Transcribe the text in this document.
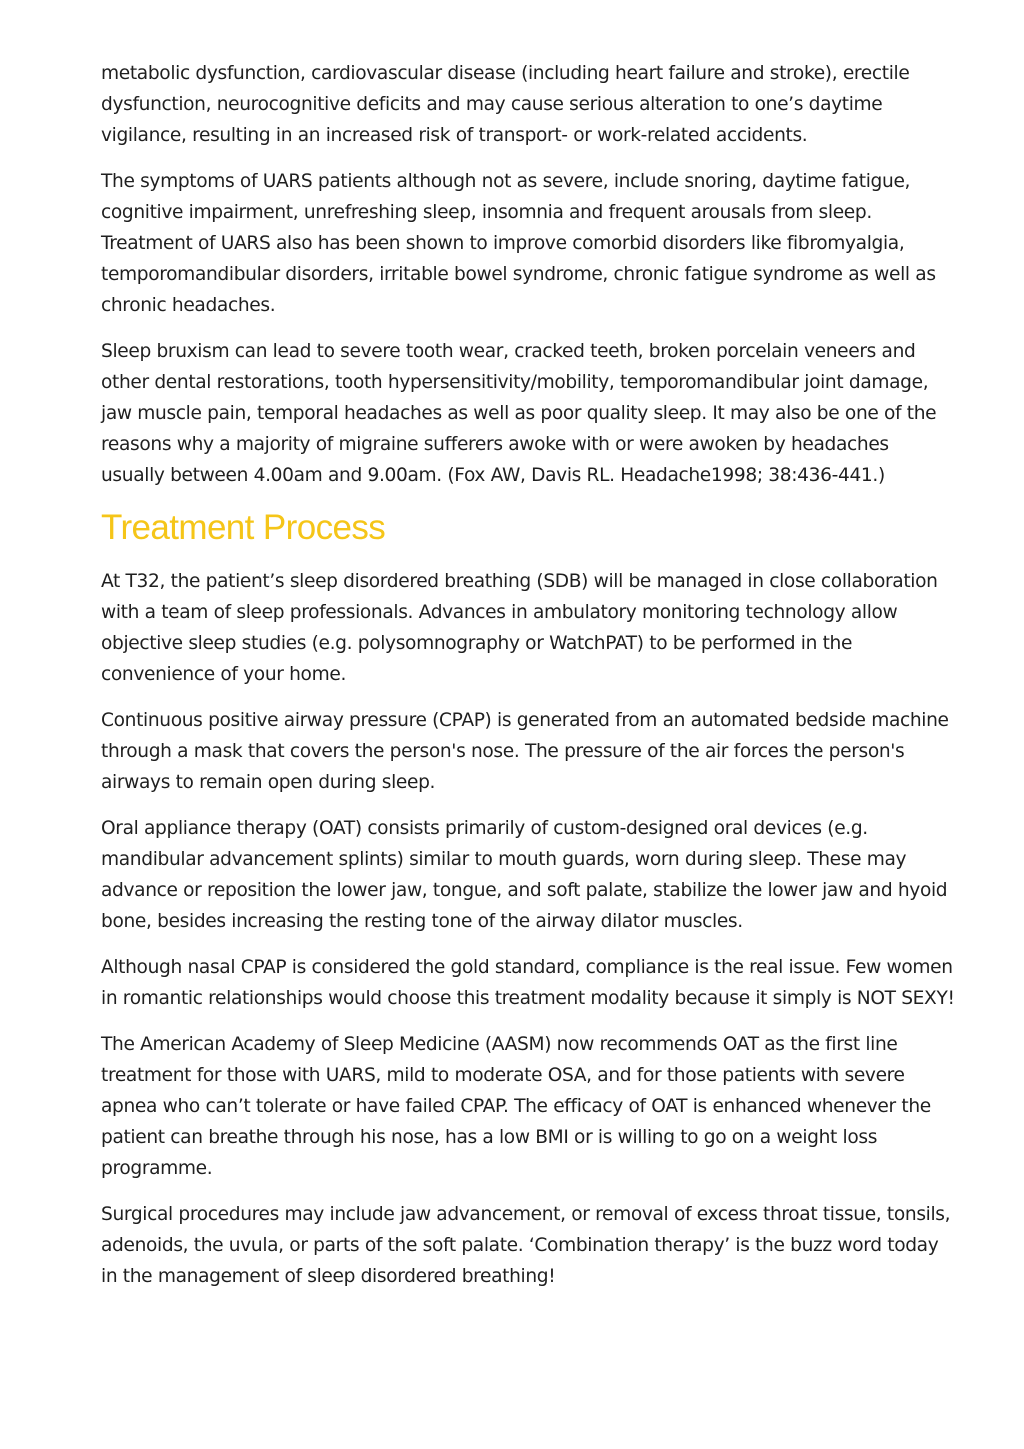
metabolic dysfunction, cardiovascular disease (including heart failure and stroke), erectile dysfunction, neurocognitive deficits and may cause serious alteration to one’s daytime vigilance, resulting in an increased risk of transport- or work-related accidents.

The symptoms of UARS patients although not as severe, include snoring, daytime fatigue, cognitive impairment, unrefreshing sleep, insomnia and frequent arousals from sleep. Treatment of UARS also has been shown to improve comorbid disorders like fibromyalgia, temporomandibular disorders, irritable bowel syndrome, chronic fatigue syndrome as well as chronic headaches.

Sleep bruxism can lead to severe tooth wear, cracked teeth, broken porcelain veneers and other dental restorations, tooth hypersensitivity/mobility, temporomandibular joint damage, jaw muscle pain, temporal headaches as well as poor quality sleep. It may also be one of the reasons why a majority of migraine sufferers awoke with or were awoken by headaches usually between 4.00am and 9.00am. (Fox AW, Davis RL. Headache1998; 38:436-441.)

Treatment Process

At T32, the patient’s sleep disordered breathing (SDB) will be managed in close collaboration with a team of sleep professionals. Advances in ambulatory monitoring technology allow objective sleep studies (e.g. polysomnography or WatchPAT) to be performed in the convenience of your home.

Continuous positive airway pressure (CPAP) is generated from an automated bedside machine through a mask that covers the person's nose. The pressure of the air forces the person's airways to remain open during sleep.

Oral appliance therapy (OAT) consists primarily of custom-designed oral devices (e.g. mandibular advancement splints) similar to mouth guards, worn during sleep. These may advance or reposition the lower jaw, tongue, and soft palate, stabilize the lower jaw and hyoid bone, besides increasing the resting tone of the airway dilator muscles.

Although nasal CPAP is considered the gold standard, compliance is the real issue. Few women in romantic relationships would choose this treatment modality because it simply is NOT SEXY!

The American Academy of Sleep Medicine (AASM) now recommends OAT as the first line treatment for those with UARS, mild to moderate OSA, and for those patients with severe apnea who can’t tolerate or have failed CPAP. The efficacy of OAT is enhanced whenever the patient can breathe through his nose, has a low BMI or is willing to go on a weight loss programme.

Surgical procedures may include jaw advancement, or removal of excess throat tissue, tonsils, adenoids, the uvula, or parts of the soft palate. ‘Combination therapy’ is the buzz word today in the management of sleep disordered breathing!
